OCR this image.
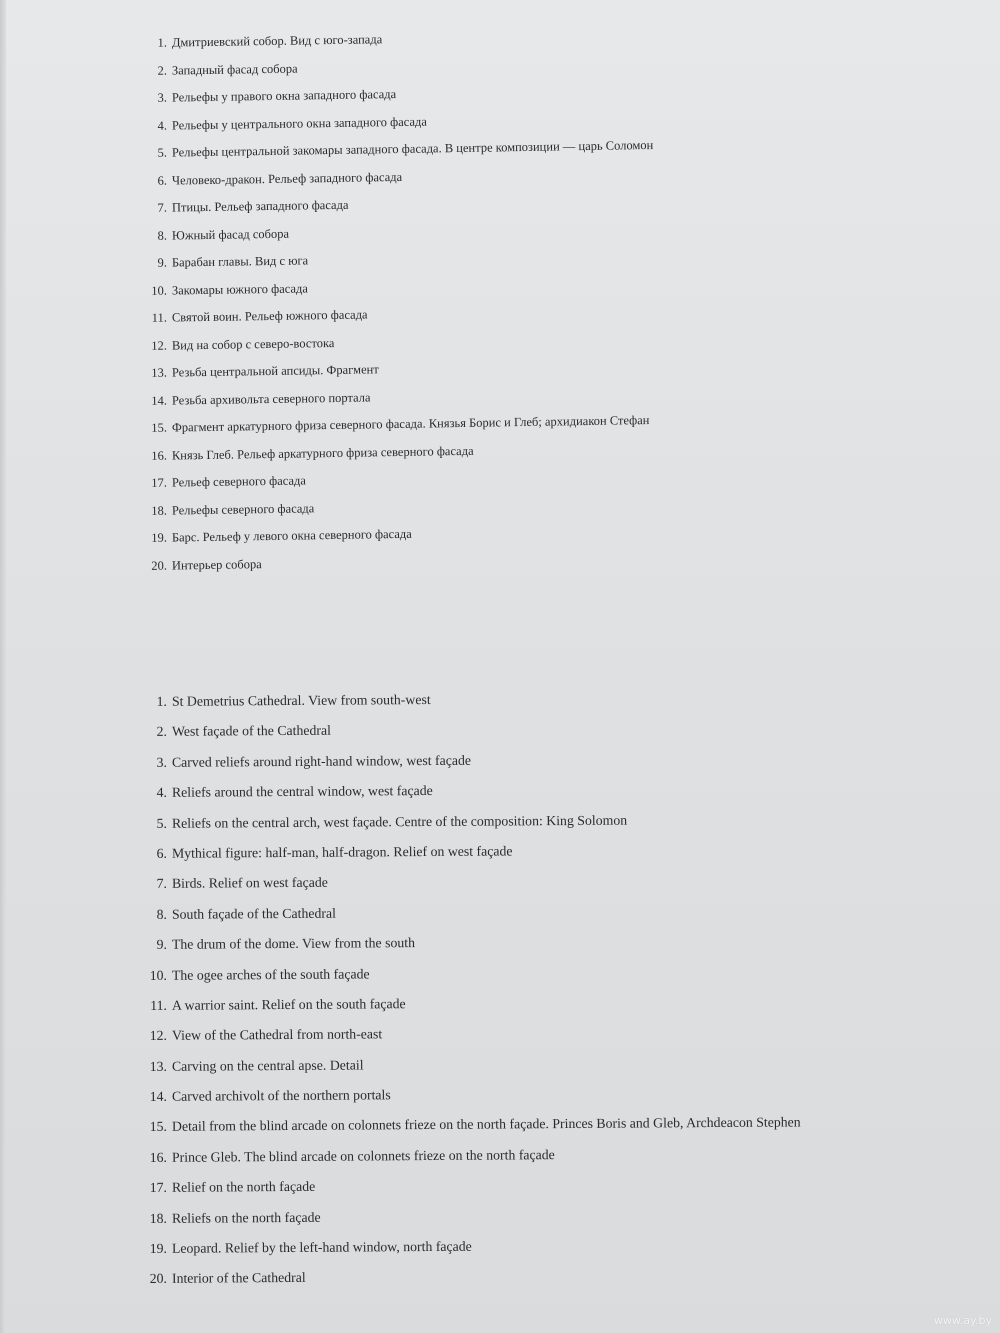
1. Дмитриевский собор. Вид с юго-запада
2. Западный фасад собора
3. Рельефы у правого окна западного фасада
4. Рельефы у центрального окна западного фасада
5. Рельефы центральной закомары западного фасада. В центре композиции — царь Соломон
6. Человеко-дракон. Рельеф западного фасада
7. Птицы. Рельеф западного фасада
8. Южный фасад собора
9. Барабан главы. Вид с юга
10. Закомары южного фасада
11. Святой воин. Рельеф южного фасада
12. Вид на собор с северо-востока
13. Резьба центральной апсиды. Фрагмент
14. Резьба архивольта северного портала
15. Фрагмент аркатурного фриза северного фасада. Князья Борис и Глеб; архидиакон Стефан
16. Князь Глеб. Рельеф аркатурного фриза северного фасада
17. Рельеф северного фасада
18. Рельефы северного фасада
19. Барс. Рельеф у левого окна северного фасада
20. Интерьер собора
1. St Demetrius Cathedral. View from south-west
2. West façade of the Cathedral
3. Carved reliefs around right-hand window, west façade
4. Reliefs around the central window, west façade
5. Reliefs on the central arch, west façade. Centre of the composition: King Solomon
6. Mythical figure: half-man, half-dragon. Relief on west façade
7. Birds. Relief on west façade
8. South façade of the Cathedral
9. The drum of the dome. View from the south
10. The ogee arches of the south façade
11. A warrior saint. Relief on the south façade
12. View of the Cathedral from north-east
13. Carving on the central apse. Detail
14. Carved archivolt of the northern portals
15. Detail from the blind arcade on colonnets frieze on the north façade. Princes Boris and Gleb, Archdeacon Stephen
16. Prince Gleb. The blind arcade on colonnets frieze on the north façade
17. Relief on the north façade
18. Reliefs on the north façade
19. Leopard. Relief by the left-hand window, north façade
20. Interior of the Cathedral
www.ay.by
